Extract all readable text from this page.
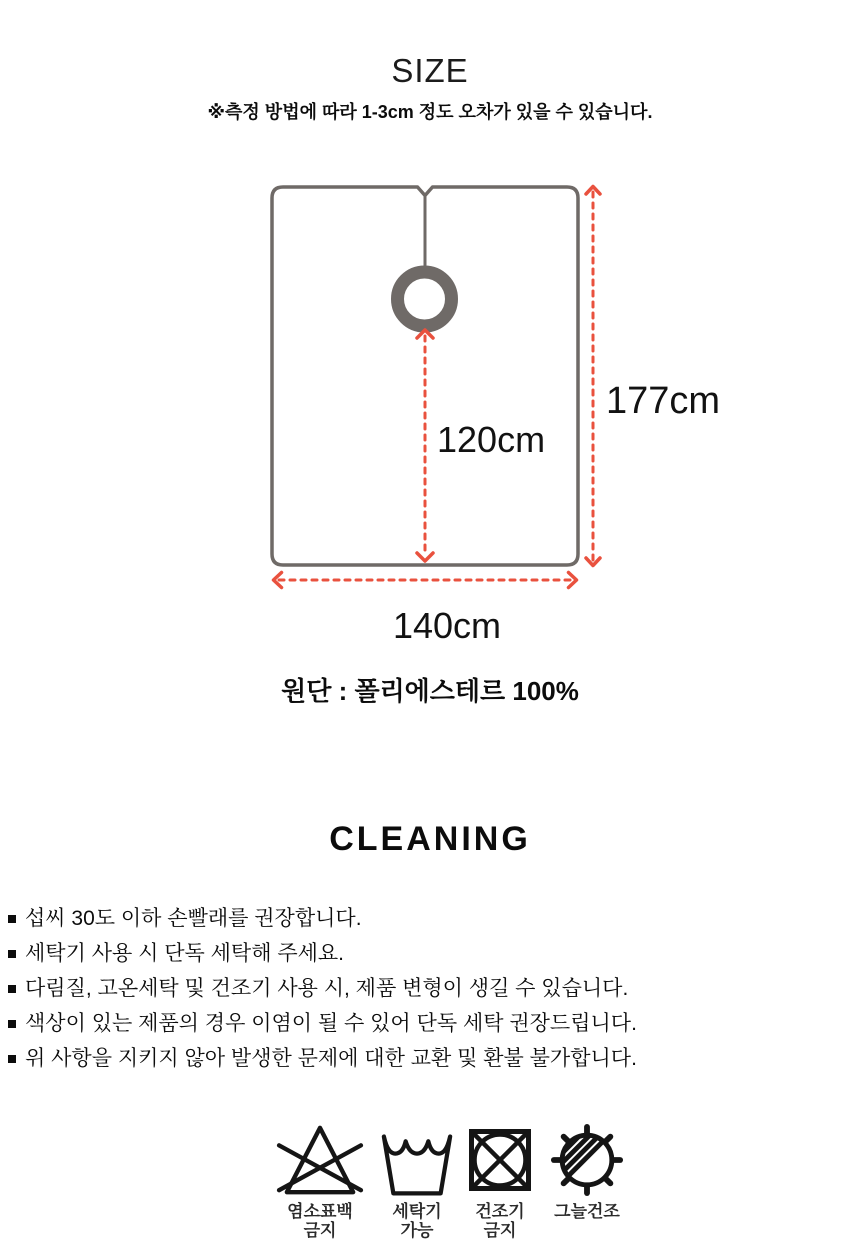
SIZE
※측정 방법에 따라 1-3cm 정도 오차가 있을 수 있습니다.
120cm
177cm
140cm
원단 : 폴리에스테르 100%
CLEANING
섭씨 30도 이하 손빨래를 권장합니다.
세탁기 사용 시 단독 세탁해 주세요.
다림질, 고온세탁 및 건조기 사용 시, 제품 변형이 생길 수 있습니다.
색상이 있는 제품의 경우 이염이 될 수 있어 단독 세탁 권장드립니다.
위 사항을 지키지 않아 발생한 문제에 대한 교환 및 환불 불가합니다.
염소표백
금지
세탁기
가능
건조기
금지
그늘건조
